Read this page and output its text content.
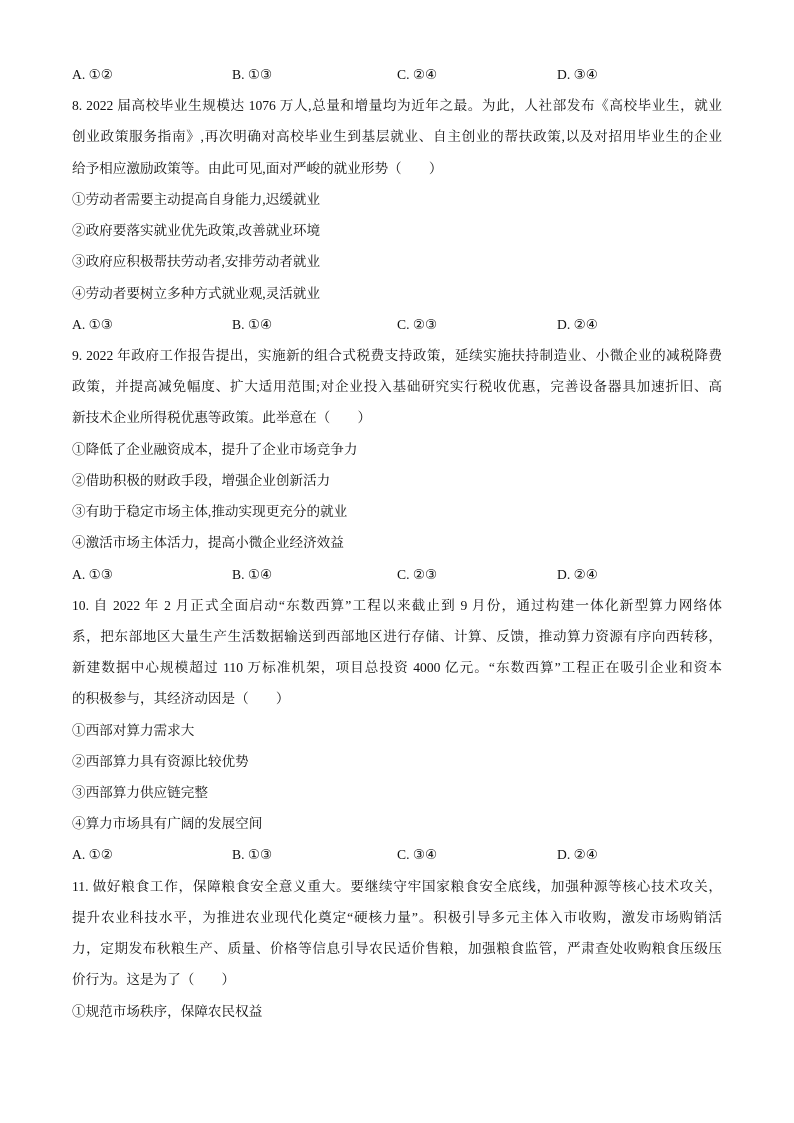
A. ①②	B. ①③	C. ②④	D. ③④
8. 2022 届高校毕业生规模达 1076 万人,总量和增量均为近年之最。为此，人社部发布《高校毕业生，就业
创业政策服务指南》,再次明确对高校毕业生到基层就业、自主创业的帮扶政策,以及对招用毕业生的企业
给予相应激励政策等。由此可见,面对严峻的就业形势（　　）
①劳动者需要主动提高自身能力,迟缓就业
②政府要落实就业优先政策,改善就业环境
③政府应积极帮扶劳动者,安排劳动者就业
④劳动者要树立多种方式就业观,灵活就业
A. ①③	B. ①④	C. ②③	D. ②④
9. 2022 年政府工作报告提出，实施新的组合式税费支持政策，延续实施扶持制造业、小微企业的减税降费
政策，并提高减免幅度、扩大适用范围;对企业投入基础研究实行税收优惠，完善设备器具加速折旧、高
新技术企业所得税优惠等政策。此举意在（　　）
①降低了企业融资成本，提升了企业市场竞争力
②借助积极的财政手段，增强企业创新活力
③有助于稳定市场主体,推动实现更充分的就业
④激活市场主体活力，提高小微企业经济效益
A. ①③	B. ①④	C. ②③	D. ②④
10. 自 2022 年 2 月正式全面启动“东数西算”工程以来截止到 9 月份，通过构建一体化新型算力网络体
系，把东部地区大量生产生活数据输送到西部地区进行存储、计算、反馈，推动算力资源有序向西转移，
新建数据中心规模超过 110 万标准机架，项目总投资 4000 亿元。“东数西算”工程正在吸引企业和资本
的积极参与，其经济动因是（　　）
①西部对算力需求大
②西部算力具有资源比较优势
③西部算力供应链完整
④算力市场具有广阔的发展空间
A. ①②	B. ①③	C. ③④	D. ②④
11. 做好粮食工作，保障粮食安全意义重大。要继续守牢国家粮食安全底线，加强种源等核心技术攻关，
提升农业科技水平，为推进农业现代化奠定“硬核力量”。积极引导多元主体入市收购，激发市场购销活
力，定期发布秋粮生产、质量、价格等信息引导农民适价售粮，加强粮食监管，严肃查处收购粮食压级压
价行为。这是为了（　　）
①规范市场秩序，保障农民权益
